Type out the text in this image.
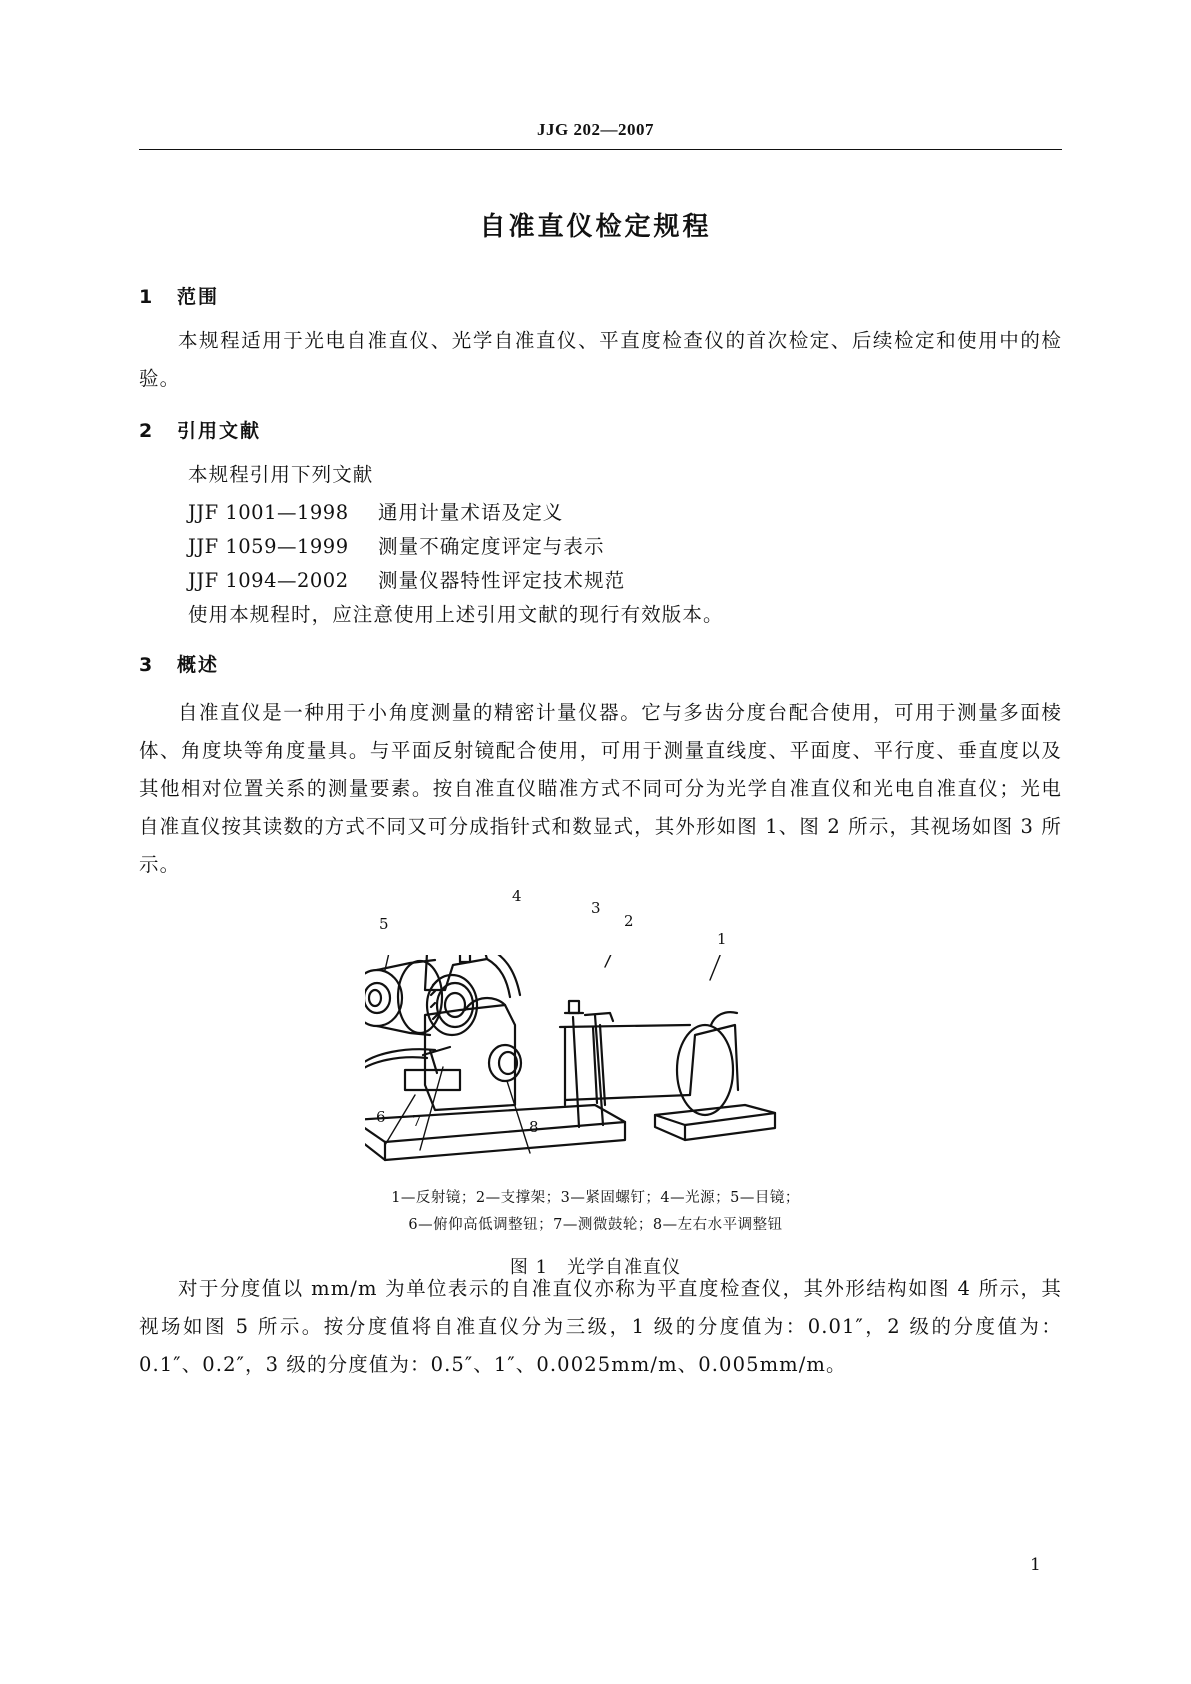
JJG 202—2007
自准直仪检定规程
1 范围
本规程适用于光电自准直仪、光学自准直仪、平直度检查仪的首次检定、后续检定和使用中的检验。
2 引用文献
本规程引用下列文献
JJF 1001—1998 通用计量术语及定义
JJF 1059—1999 测量不确定度评定与表示
JJF 1094—2002 测量仪器特性评定技术规范
使用本规程时，应注意使用上述引用文献的现行有效版本。
3 概述
自准直仪是一种用于小角度测量的精密计量仪器。它与多齿分度台配合使用，可用于测量多面棱体、角度块等角度量具。与平面反射镜配合使用，可用于测量直线度、平面度、平行度、垂直度以及其他相对位置关系的测量要素。按自准直仪瞄准方式不同可分为光学自准直仪和光电自准直仪；光电自准直仪按其读数的方式不同又可分成指针式和数显式，其外形如图 1、图 2 所示，其视场如图 3 所示。
1
2
3
4
5
6 7	8
图 1　光学自准直仪
1—反射镜；2—支撑架；3—紧固螺钉；4—光源；5—目镜；
6—俯仰高低调整钮；7—测微鼓轮；8—左右水平调整钮
对于分度值以 mm/m 为单位表示的自准直仪亦称为平直度检查仪，其外形结构如图 4 所示，其视场如图 5 所示。按分度值将自准直仪分为三级，1 级的分度值为：0.01″，2 级的分度值为：0.1″、0.2″，3 级的分度值为：0.5″、1″、0.0025mm/m、0.005mm/m。
1
